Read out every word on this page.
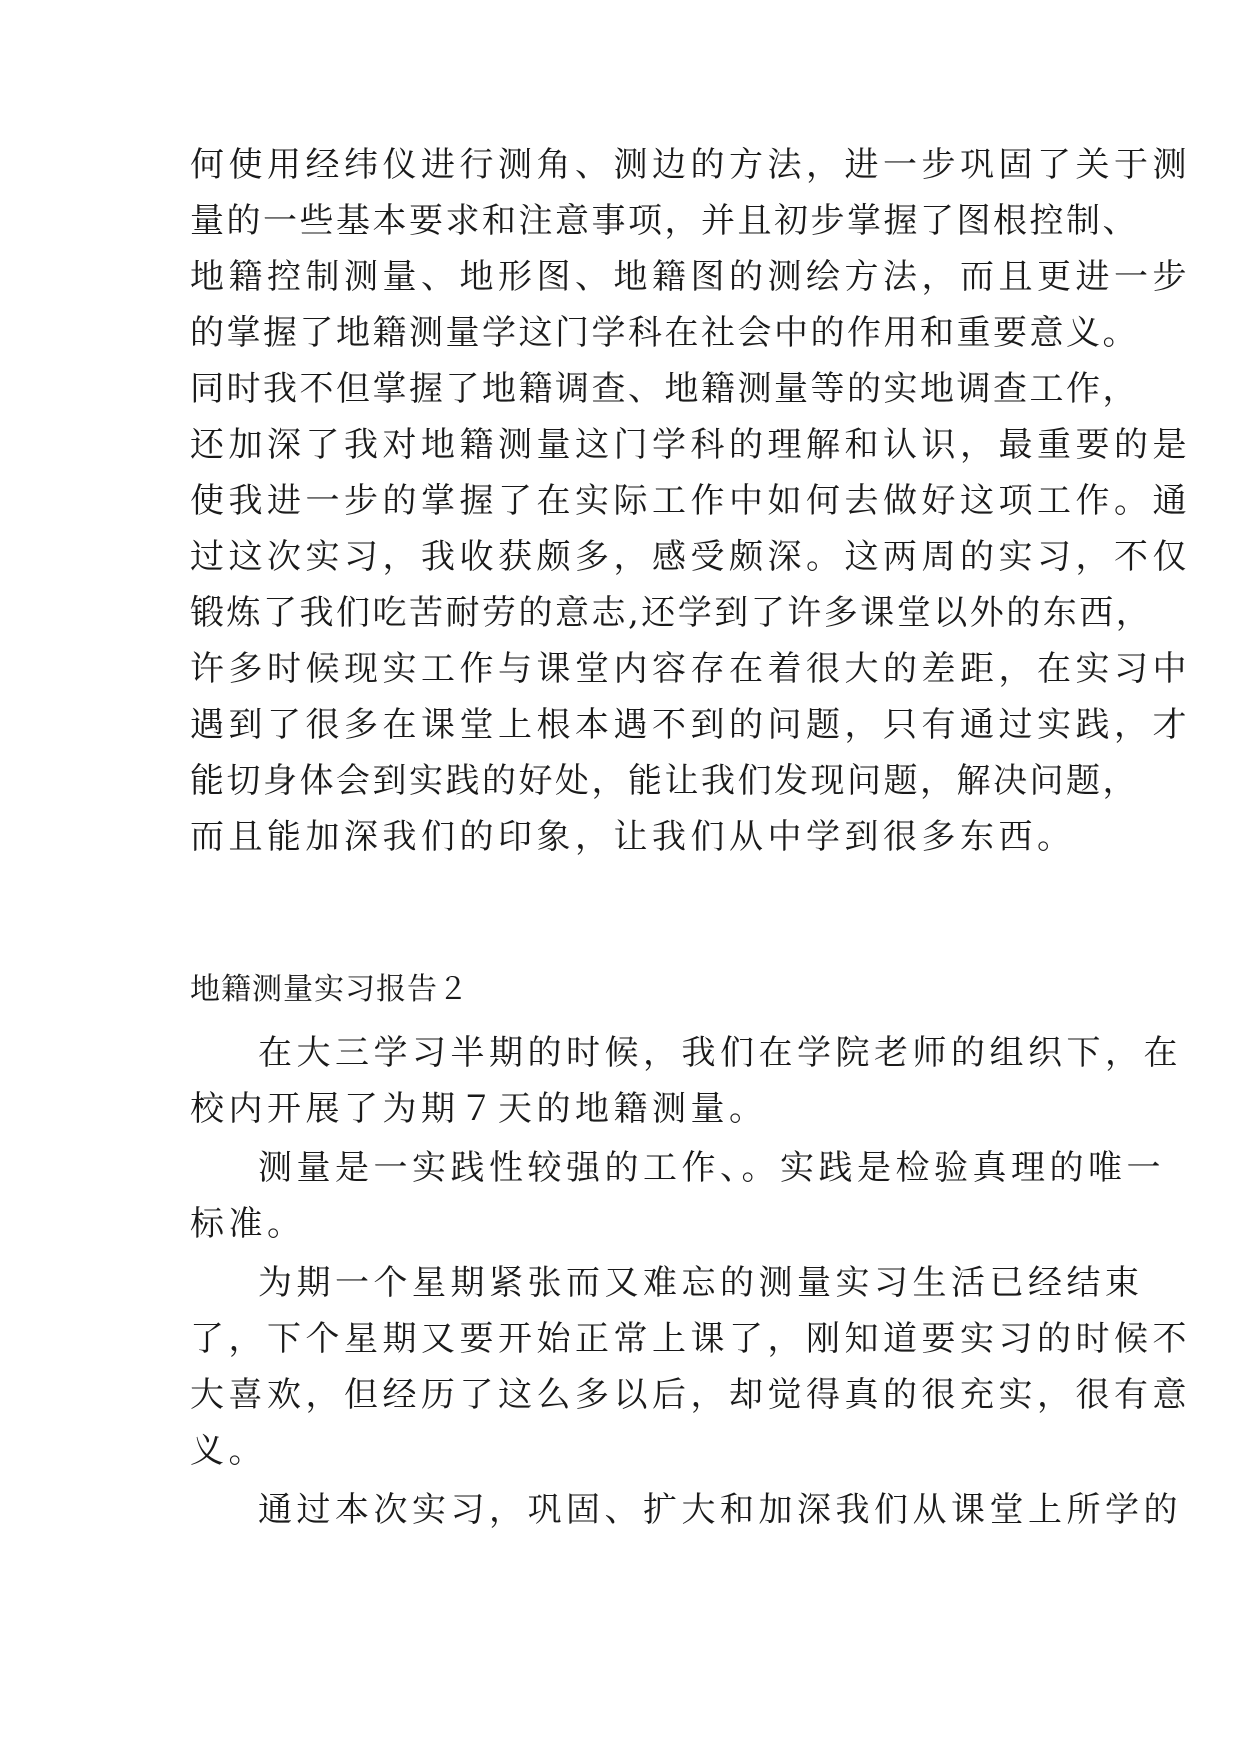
何使用经纬仪进行测角、测边的方法，进一步巩固了关于测
量的一些基本要求和注意事项，并且初步掌握了图根控制、
地籍控制测量、地形图、地籍图的测绘方法，而且更进一步
的掌握了地籍测量学这门学科在社会中的作用和重要意义。
同时我不但掌握了地籍调查、地籍测量等的实地调查工作，
还加深了我对地籍测量这门学科的理解和认识，最重要的是
使我进一步的掌握了在实际工作中如何去做好这项工作。通
过这次实习，我收获颇多，感受颇深。这两周的实习，不仅
锻炼了我们吃苦耐劳的意志,还学到了许多课堂以外的东西，
许多时候现实工作与课堂内容存在着很大的差距，在实习中
遇到了很多在课堂上根本遇不到的问题，只有通过实践，才
能切身体会到实践的好处，能让我们发现问题，解决问题，
而且能加深我们的印象，让我们从中学到很多东西。
地籍测量实习报告２
在大三学习半期的时候，我们在学院老师的组织下，在
校内开展了为期７天的地籍测量。
测量是一实践性较强的工作、。实践是检验真理的唯一
标准。
为期一个星期紧张而又难忘的测量实习生活已经结束
了，下个星期又要开始正常上课了，刚知道要实习的时候不
大喜欢，但经历了这么多以后，却觉得真的很充实，很有意
义。
通过本次实习，巩固、扩大和加深我们从课堂上所学的
